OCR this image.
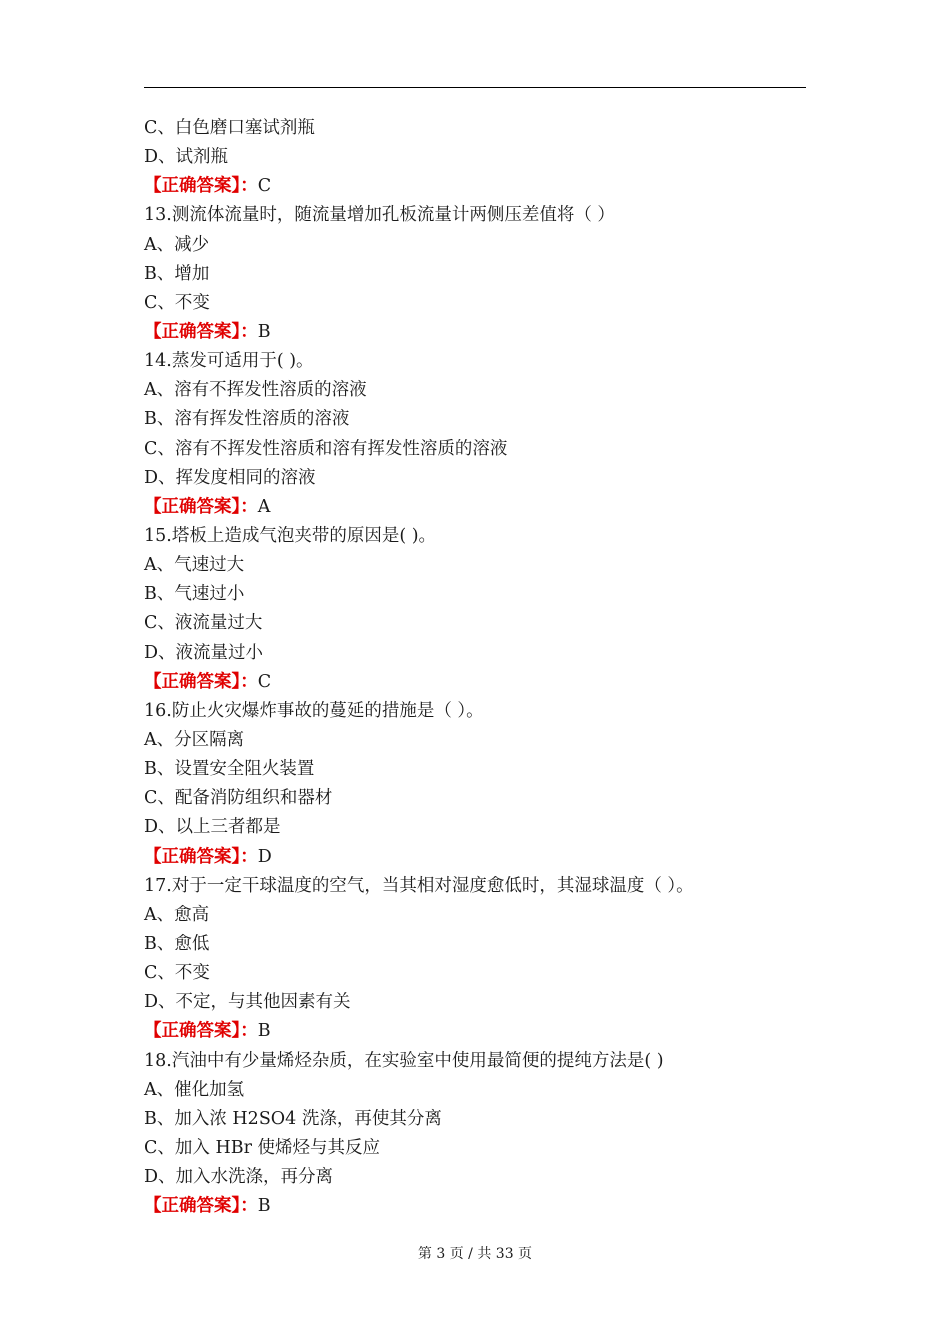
C、白色磨口塞试剂瓶
D、试剂瓶
【正确答案】：C
13.测流体流量时，随流量增加孔板流量计两侧压差值将（ ）
A、减少
B、增加
C、不变
【正确答案】：B
14.蒸发可适用于( )。
A、溶有不挥发性溶质的溶液
B、溶有挥发性溶质的溶液
C、溶有不挥发性溶质和溶有挥发性溶质的溶液
D、挥发度相同的溶液
【正确答案】：A
15.塔板上造成气泡夹带的原因是( )。
A、气速过大
B、气速过小
C、液流量过大
D、液流量过小
【正确答案】：C
16.防止火灾爆炸事故的蔓延的措施是（ ）。
A、分区隔离
B、设置安全阻火装置
C、配备消防组织和器材
D、以上三者都是
【正确答案】：D
17.对于一定干球温度的空气，当其相对湿度愈低时，其湿球温度（ ）。
A、愈高
B、愈低
C、不变
D、不定，与其他因素有关
【正确答案】：B
18.汽油中有少量烯烃杂质，在实验室中使用最简便的提纯方法是( )
A、催化加氢
B、加入浓 H2SO4 洗涤，再使其分离
C、加入 HBr 使烯烃与其反应
D、加入水洗涤，再分离
【正确答案】：B
第 3 页 / 共 33 页
